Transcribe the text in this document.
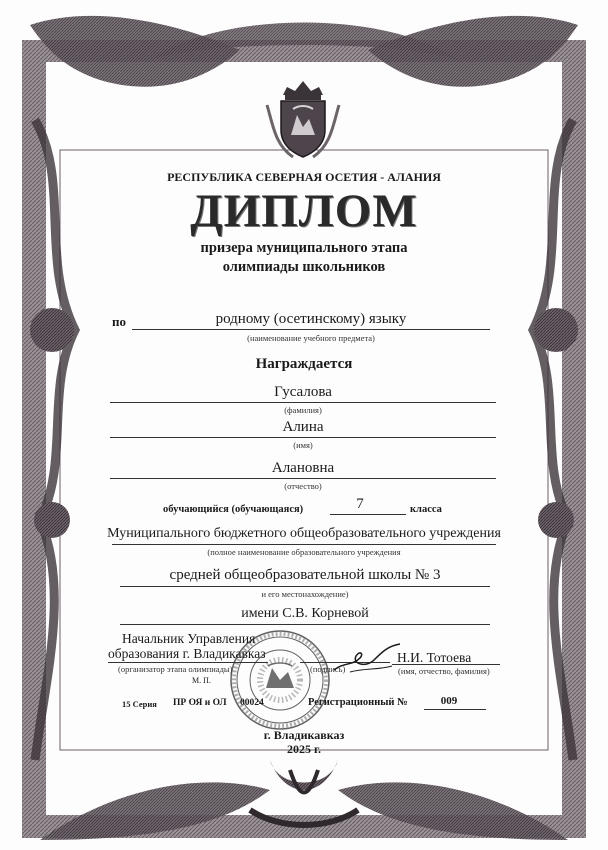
РЕСПУБЛИКА СЕВЕРНАЯ ОСЕТИЯ - АЛАНИЯ
ДИПЛОМ
призера муниципального этапа
олимпиады школьников
по	родному (осетинскому) языку
(наименование учебного предмета)
Награждается
Гусалова
(фамилия)
Алина
(имя)
Алановна
(отчество)
обучающийся (обучающаяся)	7	класса
Муниципального бюджетного общеобразовательного учреждения
(полное наименование образовательного учреждения
средней общеобразовательной школы № 3
и его местонахождение)
имени С.В. Корневой
Начальник Управления
образования г. Владикавказ
(организатор этапа олимпиады)	(подпись)
Н.И. Тотоева
(имя, отчество, фамилия)
М. П.
15 Серия ПР ОЯ и ОЛ 00024	Регистрационный №	009
г. Владикавказ
2025 г.
